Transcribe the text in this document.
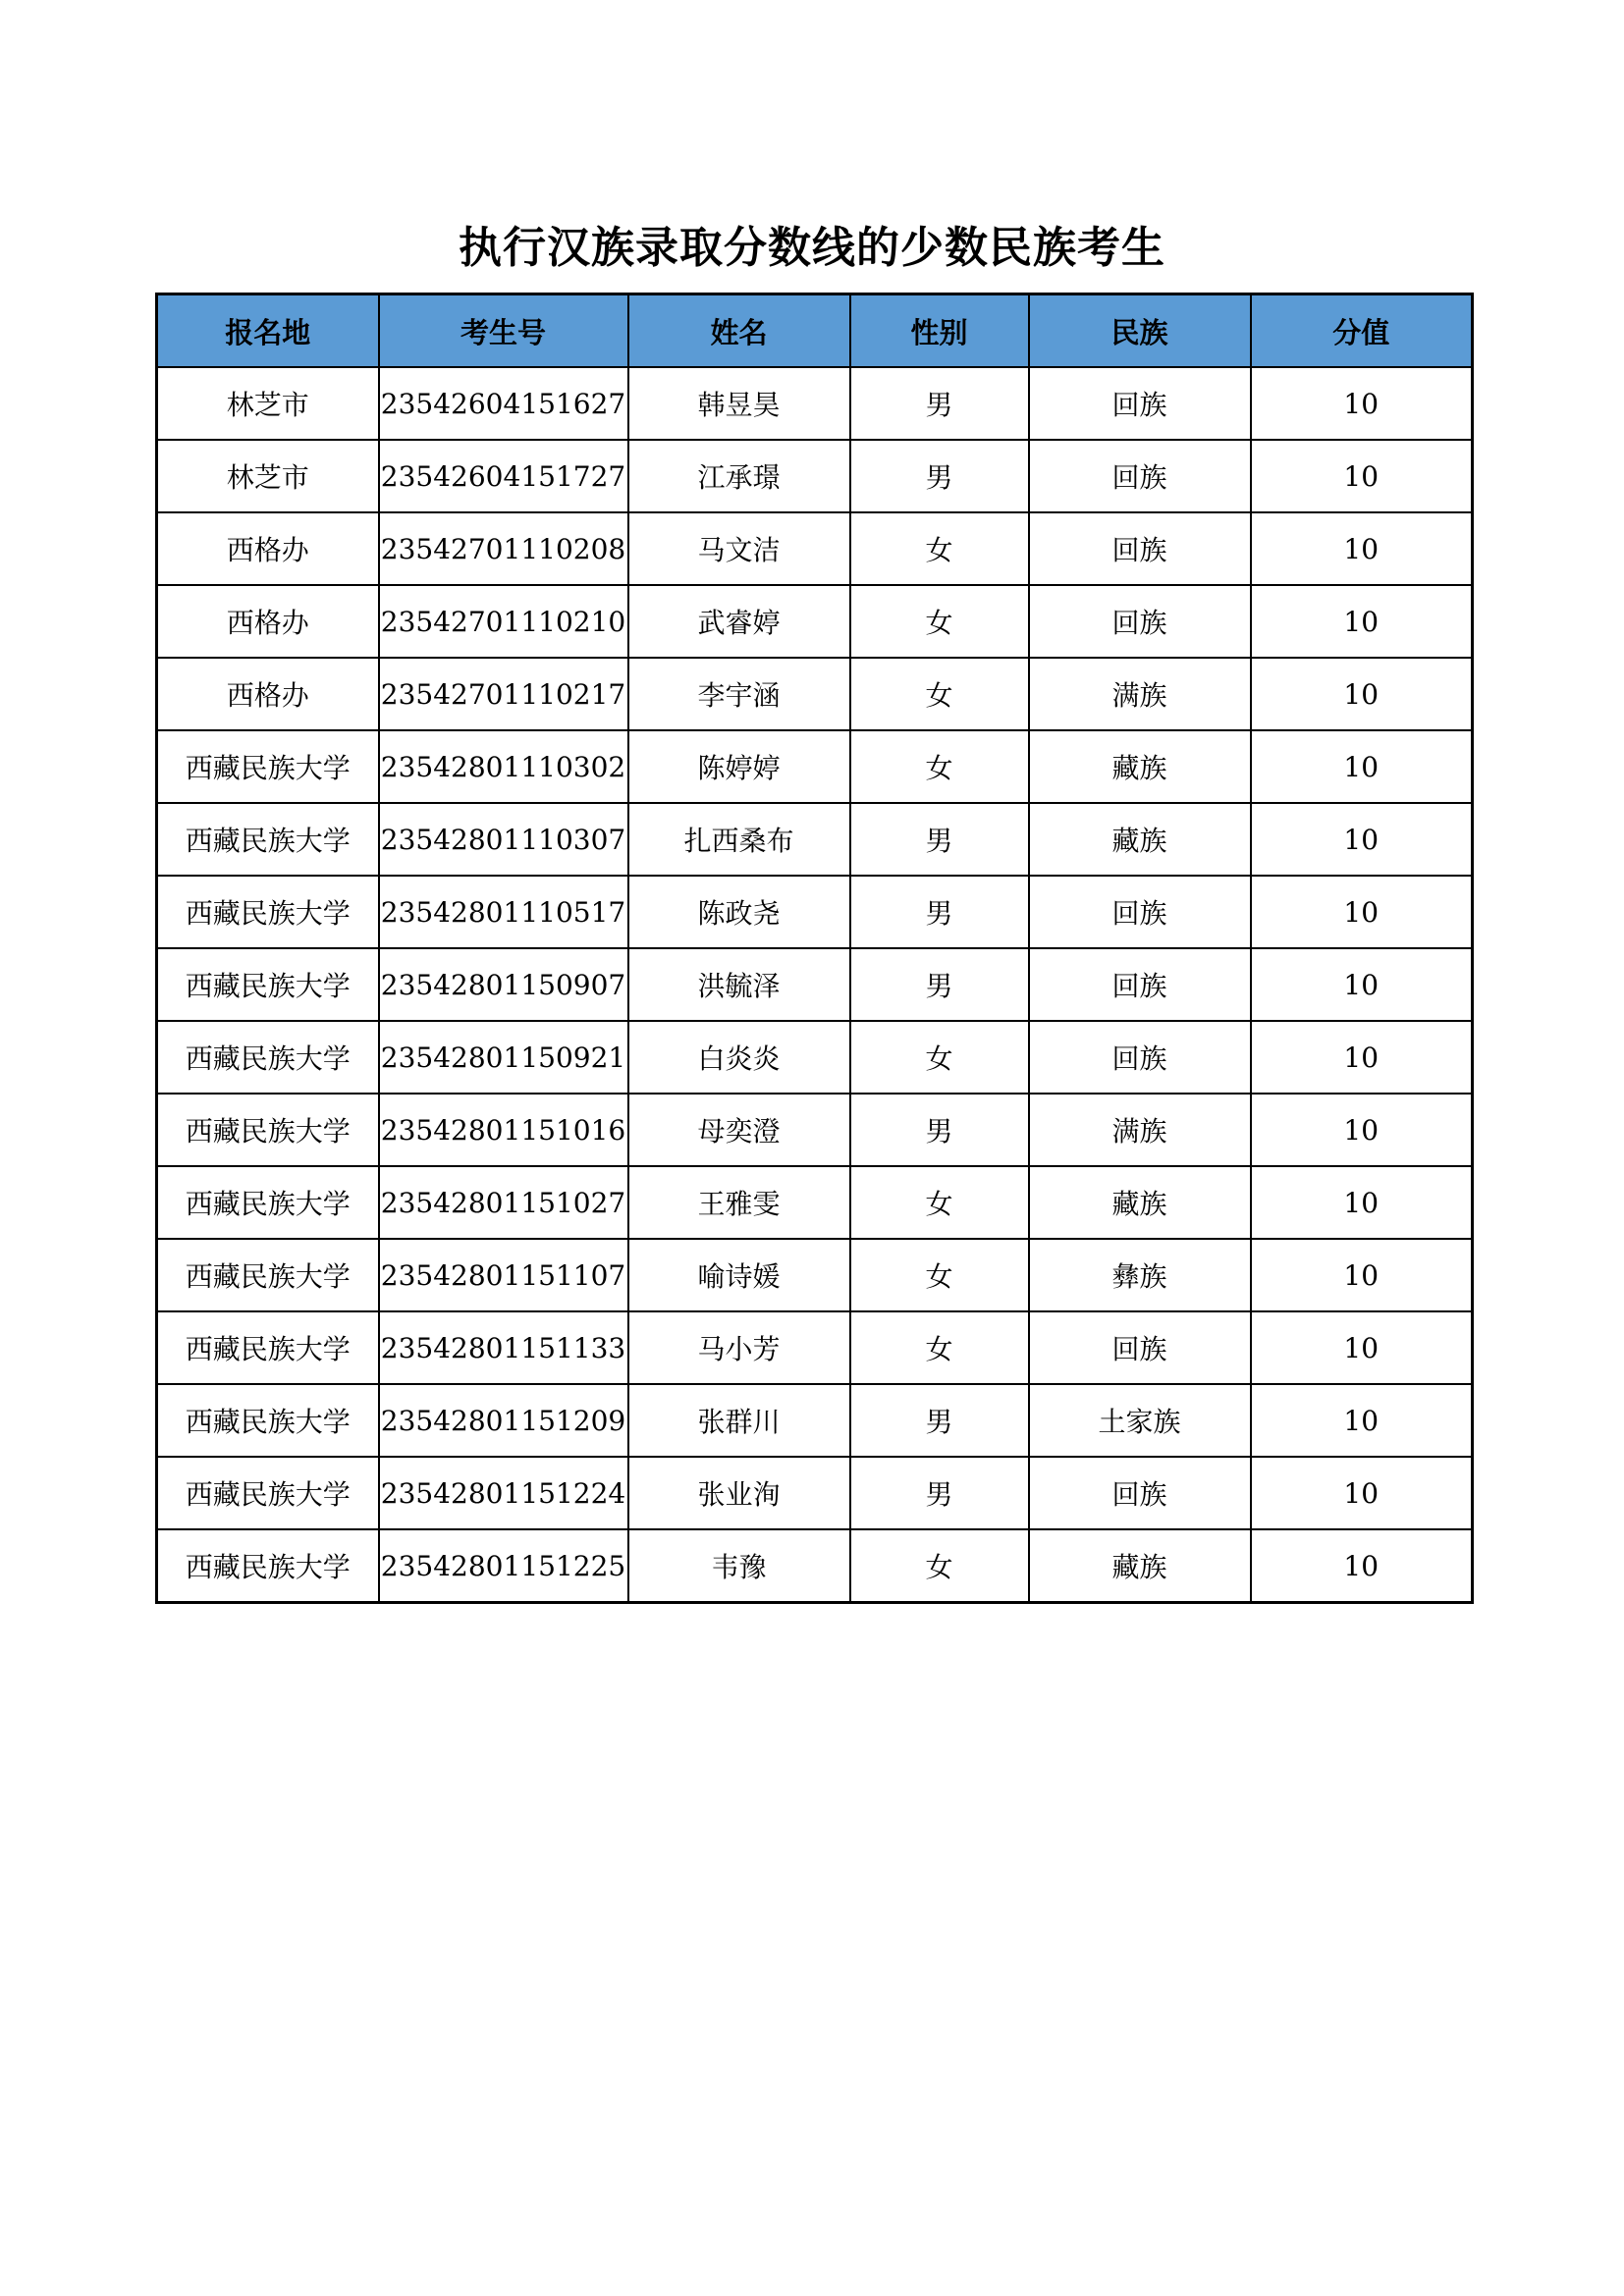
执行汉族录取分数线的少数民族考生
报名地	考生号	姓名	性别	民族	分值
林芝市	23542604151627	韩昱昊	男	回族	10
林芝市	23542604151727	江承璟	男	回族	10
西格办	23542701110208	马文洁	女	回族	10
西格办	23542701110210	武睿婷	女	回族	10
西格办	23542701110217	李宇涵	女	满族	10
西藏民族大学	23542801110302	陈婷婷	女	藏族	10
西藏民族大学	23542801110307	扎西桑布	男	藏族	10
西藏民族大学	23542801110517	陈政尧	男	回族	10
西藏民族大学	23542801150907	洪毓泽	男	回族	10
西藏民族大学	23542801150921	白炎炎	女	回族	10
西藏民族大学	23542801151016	母奕澄	男	满族	10
西藏民族大学	23542801151027	王雅雯	女	藏族	10
西藏民族大学	23542801151107	喻诗媛	女	彝族	10
西藏民族大学	23542801151133	马小芳	女	回族	10
西藏民族大学	23542801151209	张群川	男	土家族	10
西藏民族大学	23542801151224	张业洵	男	回族	10
西藏民族大学	23542801151225	韦豫	女	藏族	10
